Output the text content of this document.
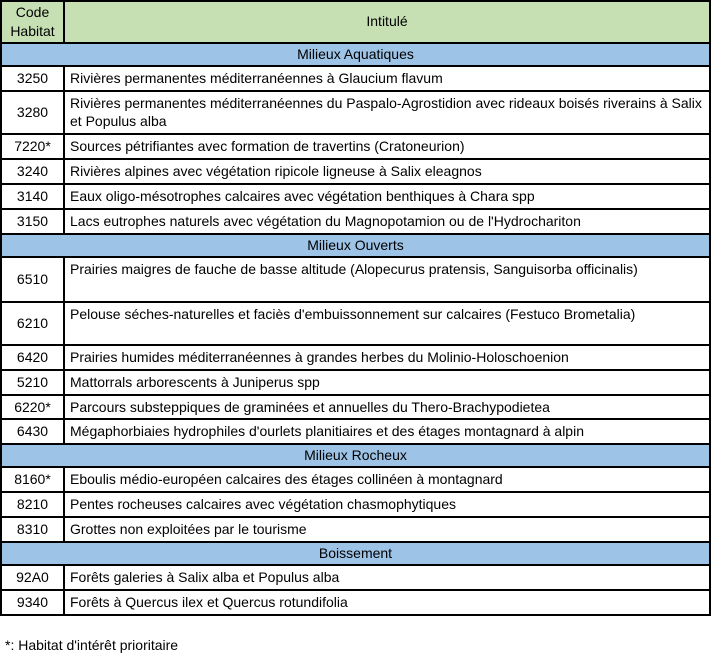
Code Habitat	Intitulé
Milieux Aquatiques	
3250	Rivières permanentes méditerranéennes à Glaucium flavum
3280	Rivières permanentes méditerranéennes du Paspalo-Agrostidion avec rideaux boisés riverains à Salix et Populus alba
7220*	Sources pétrifiantes avec formation de travertins (Cratoneurion)
3240	Rivières alpines avec végétation ripicole ligneuse à Salix eleagnos
3140	Eaux oligo-mésotrophes calcaires avec végétation benthiques à Chara spp
3150	Lacs eutrophes naturels avec végétation du Magnopotamion ou de l'Hydrochariton
Milieux Ouverts	
6510	Prairies maigres de fauche de basse altitude (Alopecurus pratensis, Sanguisorba officinalis)
6210	Pelouse séches-naturelles et faciès d'embuissonnement sur calcaires (Festuco Brometalia)
6420	Prairies humides méditerranéennes à grandes herbes du Molinio-Holoschoenion
5210	Mattorrals arborescents à Juniperus spp
6220*	Parcours substeppiques de graminées et annuelles du Thero-Brachypodietea
6430	Mégaphorbiaies hydrophiles d'ourlets planitiaires et des étages montagnard à alpin
Milieux Rocheux	
8160*	Eboulis médio-européen calcaires des étages collinéen à montagnard
8210	Pentes rocheuses calcaires avec végétation chasmophytiques
8310	Grottes non exploitées par le tourisme
Boissement	
92A0	Forêts galeries à Salix alba et Populus alba
9340	Forêts à Quercus ilex et Quercus rotundifolia
*: Habitat d'intérêt prioritaire
